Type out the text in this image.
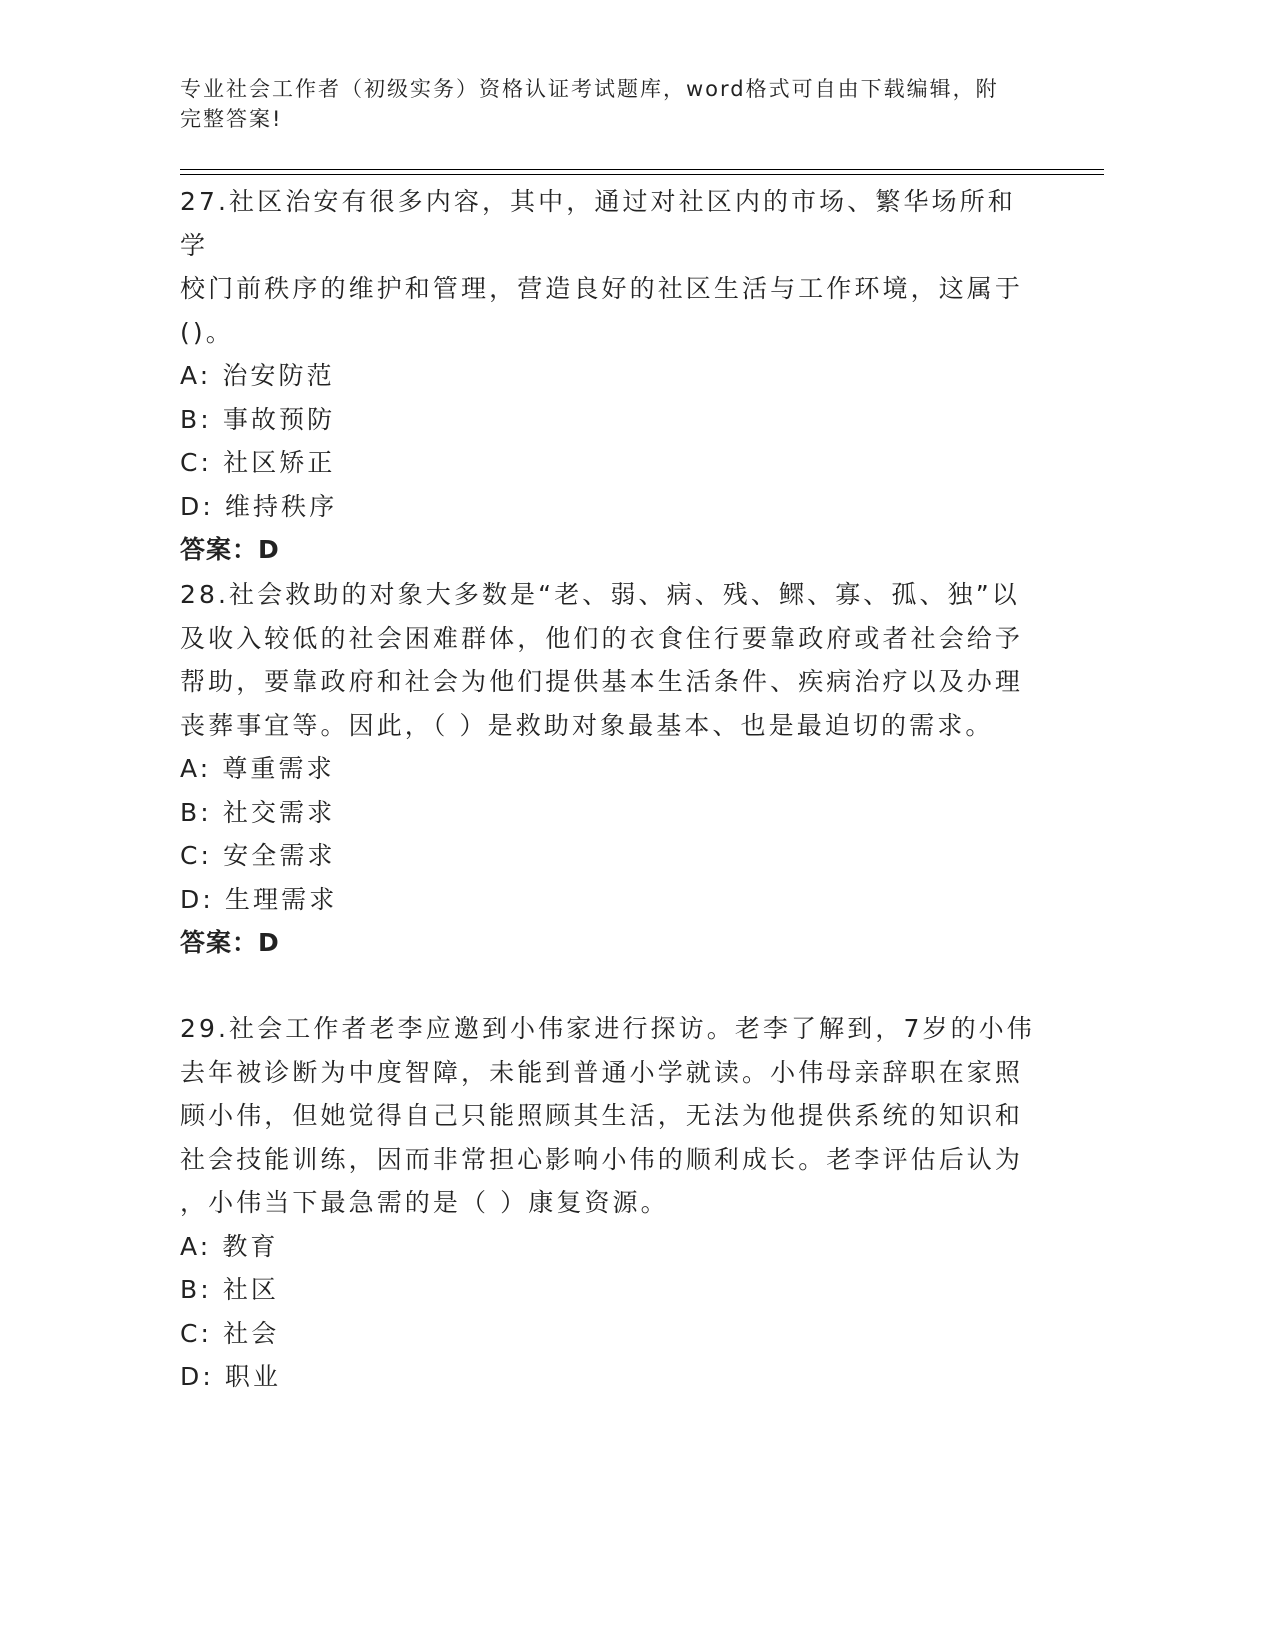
专业社会工作者（初级实务）资格认证考试题库，word格式可自由下载编辑，附
完整答案!

27.社区治安有很多内容，其中，通过对社区内的市场、繁华场所和学

校门前秩序的维护和管理，营造良好的社区生活与工作环境，这属于

()。

A: 治安防范

B: 事故预防

C: 社区矫正

D: 维持秩序

答案：D

28.社会救助的对象大多数是“老、弱、病、残、鳏、寡、孤、独”以

及收入较低的社会困难群体，他们的衣食住行要靠政府或者社会给予

帮助，要靠政府和社会为他们提供基本生活条件、疾病治疗以及办理

丧葬事宜等。因此，（ ）是救助对象最基本、也是最迫切的需求。

A: 尊重需求

B: 社交需求

C: 安全需求

D: 生理需求

答案：D

29.社会工作者老李应邀到小伟家进行探访。老李了解到，7岁的小伟

去年被诊断为中度智障，未能到普通小学就读。小伟母亲辞职在家照

顾小伟，但她觉得自己只能照顾其生活，无法为他提供系统的知识和

社会技能训练，因而非常担心影响小伟的顺利成长。老李评估后认为

，小伟当下最急需的是（ ）康复资源。

A: 教育

B: 社区

C: 社会

D: 职业
